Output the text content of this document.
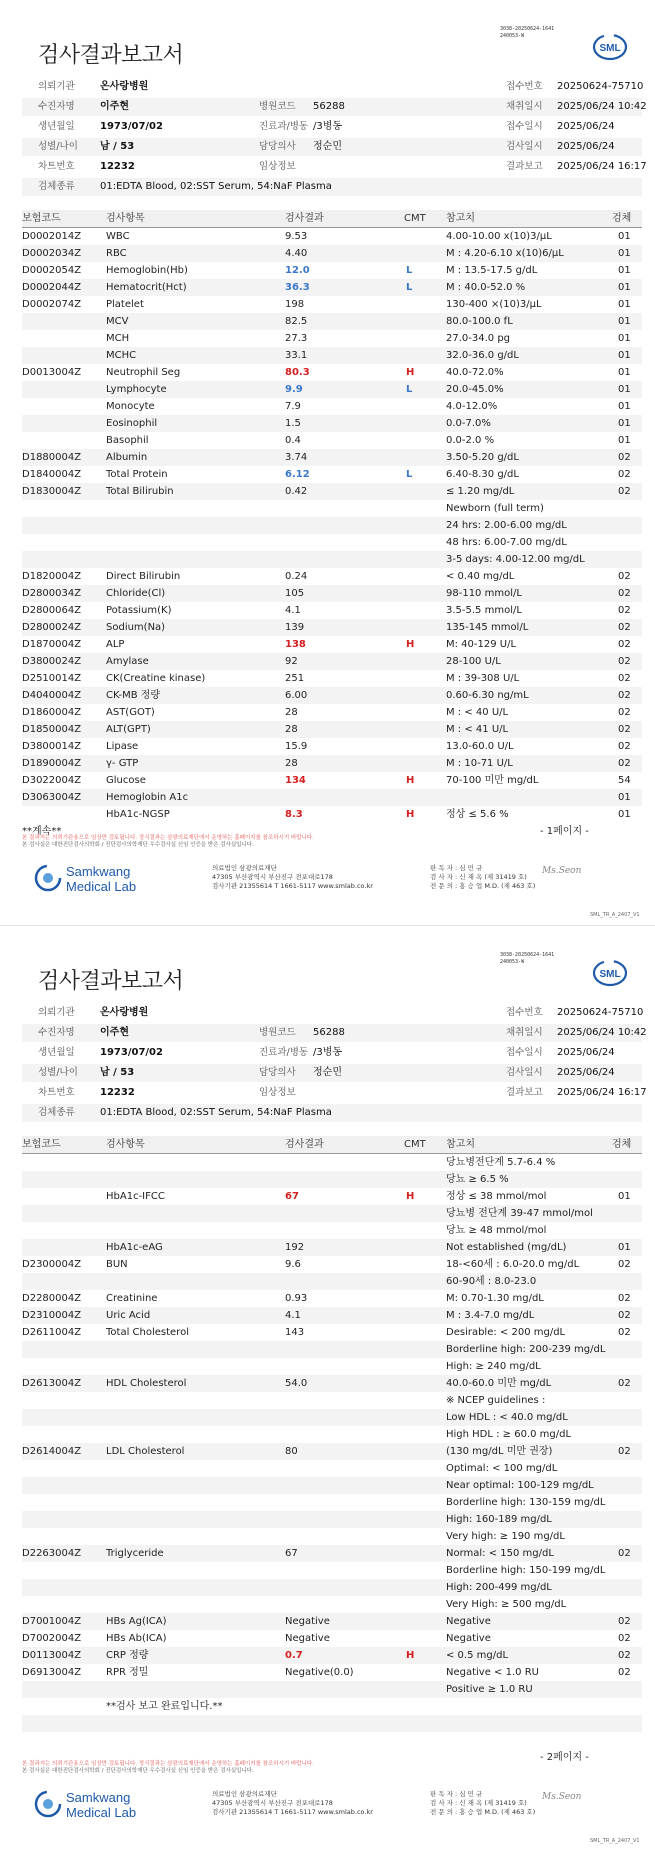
3038-20250624-1641
240053-W
검사결과보고서	SML
의뢰기관	온사랑병원	접수번호 20250624-75710
수진자명	이주현	병원코드 56288	채취일시 2025/06/24 10:42
생년월일	1973/07/02	진료과/병동 /3병동	접수일시 2025/06/24
성별/나이 남 / 53	담당의사 정순민	검사일시 2025/06/24
차트번호	12232	임상정보	결과보고 2025/06/24 16:17
검체종류	01:EDTA Blood, 02:SST Serum, 54:NaF Plasma
보험코드	검사항목	검사결과	CMT 참고치	검체
D0002014Z WBC	9.53	4.00-10.00 x(10)3/μL	01
D0002034Z RBC	4.40	M : 4.20-6.10 x(10)6/μL	01
D0002054Z Hemoglobin(Hb)	12.0	L	M : 13.5-17.5 g/dL	01
D0002044Z Hematocrit(Hct)	36.3	L	M : 40.0-52.0 %	01
D0002074Z Platelet	198	130-400 ×(10)3/μL	01
MCV	82.5	80.0-100.0 fL	01
MCH	27.3	27.0-34.0 pg	01
MCHC	33.1	32.0-36.0 g/dL	01
D0013004Z Neutrophil Seg	80.3	H	40.0-72.0%	01
Lymphocyte	9.9	L	20.0-45.0%	01
Monocyte	7.9	4.0-12.0%	01
Eosinophil	1.5	0.0-7.0%	01
Basophil	0.4	0.0-2.0 %	01
D1880004Z Albumin	3.74	3.50-5.20 g/dL	02
D1840004Z Total Protein	6.12	L	6.40-8.30 g/dL	02
D1830004Z Total Bilirubin	0.42	≤ 1.20 mg/dL	02
Newborn (full term)
24 hrs: 2.00-6.00 mg/dL
48 hrs: 6.00-7.00 mg/dL
3-5 days: 4.00-12.00 mg/dL
D1820004Z Direct Bilirubin	0.24	< 0.40 mg/dL	02
D2800034Z Chloride(Cl)	105	98-110 mmol/L	02
D2800064Z Potassium(K)	4.1	3.5-5.5 mmol/L	02
D2800024Z Sodium(Na)	139	135-145 mmol/L	02
D1870004Z ALP	138	H	M: 40-129 U/L	02
D3800024Z Amylase	92	28-100 U/L	02
D2510014Z CK(Creatine kinase)	251	M : 39-308 U/L	02
D4040004Z CK-MB 정량	6.00	0.60-6.30 ng/mL	02
D1860004Z AST(GOT)	28	M : < 40 U/L	02
D1850004Z ALT(GPT)	28	M : < 41 U/L	02
D3800014Z Lipase	15.9	13.0-60.0 U/L	02
D1890004Z γ- GTP	28	M : 10-71 U/L	02
D3022004Z Glucose	134	H	70-100 미만 mg/dL	54
D3063004Z Hemoglobin A1c	01
HbA1c-NGSP	8.3	H	정상 ≤ 5.6 %	01
**계속**	- 1페이지 -
본 결과지는 의뢰기관용으로 임상만 검토됩니다. 정식결과는 삼광의료재단에서 운영하는 홈페이지를 참조하시기 바랍니다.
본 검사실은 대한진단검사의학회 / 진단검사의학재단 우수검사실 신임 인증을 받은 검사실입니다.
Samkwang
Medical Lab
의료법인 삼광의료재단
47305 부산광역시 부산진구 전포대로178
검사기관 21355614 T 1661-5117 www.smlab.co.kr
판 독 자 : 심 민 규
검 사 자 : 신 재 옥 (제 31419 호)
전 문 의 : 홍 승 업 M.D. (제 463 호)
Ms.Seon
SML_TR_A_2407_V1
3038-20250624-1641
240053-W
검사결과보고서	SML
의뢰기관	온사랑병원	접수번호 20250624-75710
수진자명	이주현	병원코드 56288	채취일시 2025/06/24 10:42
생년월일	1973/07/02	진료과/병동 /3병동	접수일시 2025/06/24
성별/나이 남 / 53	담당의사 정순민	검사일시 2025/06/24
차트번호	12232	임상정보	결과보고 2025/06/24 16:17
검체종류	01:EDTA Blood, 02:SST Serum, 54:NaF Plasma
보험코드	검사항목	검사결과	CMT 참고치	검체
당뇨병전단계 5.7-6.4 %
당뇨 ≥ 6.5 %
HbA1c-IFCC	67	H	정상 ≤ 38 mmol/mol	01
당뇨병 전단계 39-47 mmol/mol
당뇨 ≥ 48 mmol/mol
HbA1c-eAG	192	Not established (mg/dL)	01
D2300004Z BUN	9.6	18-<60세 : 6.0-20.0 mg/dL	02
60-90세 : 8.0-23.0
D2280004Z Creatinine	0.93	M: 0.70-1.30 mg/dL	02
D2310004Z Uric Acid	4.1	M : 3.4-7.0 mg/dL	02
D2611004Z Total Cholesterol	143	Desirable: < 200 mg/dL	02
Borderline high: 200-239 mg/dL
High: ≥ 240 mg/dL
D2613004Z HDL Cholesterol	54.0	40.0-60.0 미만 mg/dL	02
※ NCEP guidelines :
Low HDL : < 40.0 mg/dL
High HDL : ≥ 60.0 mg/dL
D2614004Z LDL Cholesterol	80	(130 mg/dL 미만 권장)	02
Optimal: < 100 mg/dL
Near optimal: 100-129 mg/dL
Borderline high: 130-159 mg/dL
High: 160-189 mg/dL
Very high: ≥ 190 mg/dL
D2263004Z Triglyceride	67	Normal: < 150 mg/dL	02
Borderline high: 150-199 mg/dL
High: 200-499 mg/dL
Very High: ≥ 500 mg/dL
D7001004Z HBs Ag(ICA)	Negative	Negative	02
D7002004Z HBs Ab(ICA)	Negative	Negative	02
D0113004Z CRP 정량	0.7	H	< 0.5 mg/dL	02
D6913004Z RPR 정밀	Negative(0.0)	Negative < 1.0 RU	02
Positive ≥ 1.0 RU
**검사 보고 완료입니다.**
- 2페이지 -
본 결과지는 의뢰기관용으로 임상만 검토됩니다. 정식결과는 삼광의료재단에서 운영하는 홈페이지를 참조하시기 바랍니다.
본 검사실은 대한진단검사의학회 / 진단검사의학재단 우수검사실 신임 인증을 받은 검사실입니다.
Samkwang
Medical Lab
의료법인 삼광의료재단
47305 부산광역시 부산진구 전포대로178
검사기관 21355614 T 1661-5117 www.smlab.co.kr
판 독 자 : 심 민 규
검 사 자 : 신 재 옥 (제 31419 호)
전 문 의 : 홍 승 업 M.D. (제 463 호)
Ms.Seon
SML_TR_A_2407_V1
